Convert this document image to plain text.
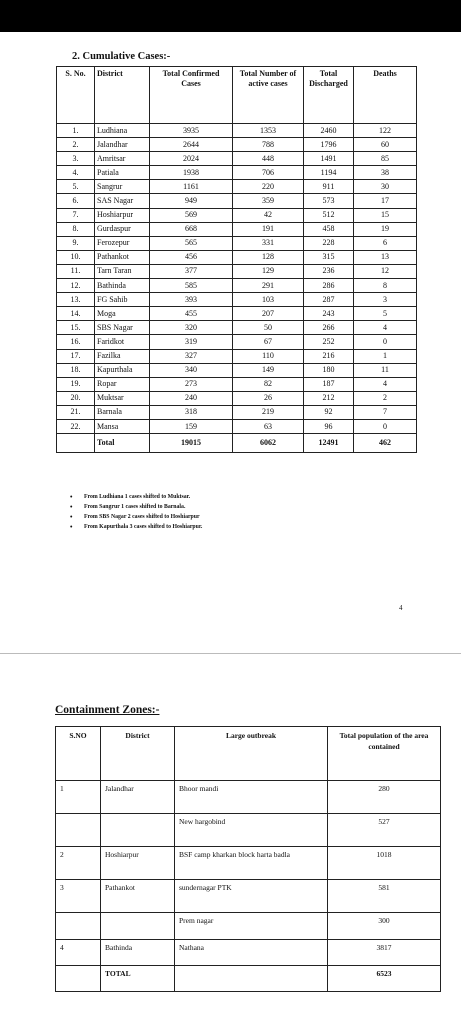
2. Cumulative Cases:-
S. No.	District	Total Confirmed Cases	Total Number of active cases	Total Discharged	Deaths

1.	Ludhiana	3935	1353	2460	122
2.	Jalandhar	2644	788	1796	60
3.	Amritsar	2024	448	1491	85
4.	Patiala	1938	706	1194	38
5.	Sangrur	1161	220	911	30
6.	SAS Nagar	949	359	573	17
7.	Hoshiarpur	569	42	512	15
8.	Gurdaspur	668	191	458	19
9.	Ferozepur	565	331	228	6
10.	Pathankot	456	128	315	13
11.	Tarn Taran	377	129	236	12
12.	Bathinda	585	291	286	8
13.	FG Sahib	393	103	287	3
14.	Moga	455	207	243	5
15.	SBS Nagar	320	50	266	4
16.	Faridkot	319	67	252	0
17.	Fazilka	327	110	216	1
18.	Kapurthala	340	149	180	11
19.	Ropar	273	82	187	4
20.	Muktsar	240	26	212	2
21.	Barnala	318	219	92	7
22.	Mansa	159	63	96	0
	Total	19015	6062	12491	462
• From Ludhiana 1 cases shifted to Muktsar.
• From Sangrur 1 cases shifted to Barnala.
• From SBS Nagar 2 cases shifted to Hoshiarpur
• From Kapurthala 3 cases shifted to Hoshiarpur.
4
Containment Zones:-
S.NO	District	Large outbreak	Total population of the area contained
1	Jalandhar	Bhoor mandi	280
		New hargobind	527
2	Hoshiarpur	BSF camp kharkan block harta badla	1018
3	Pathankot	sundernagar PTK	581
		Prem nagar	300
4	Bathinda	Nathana	3817
	TOTAL		6523
